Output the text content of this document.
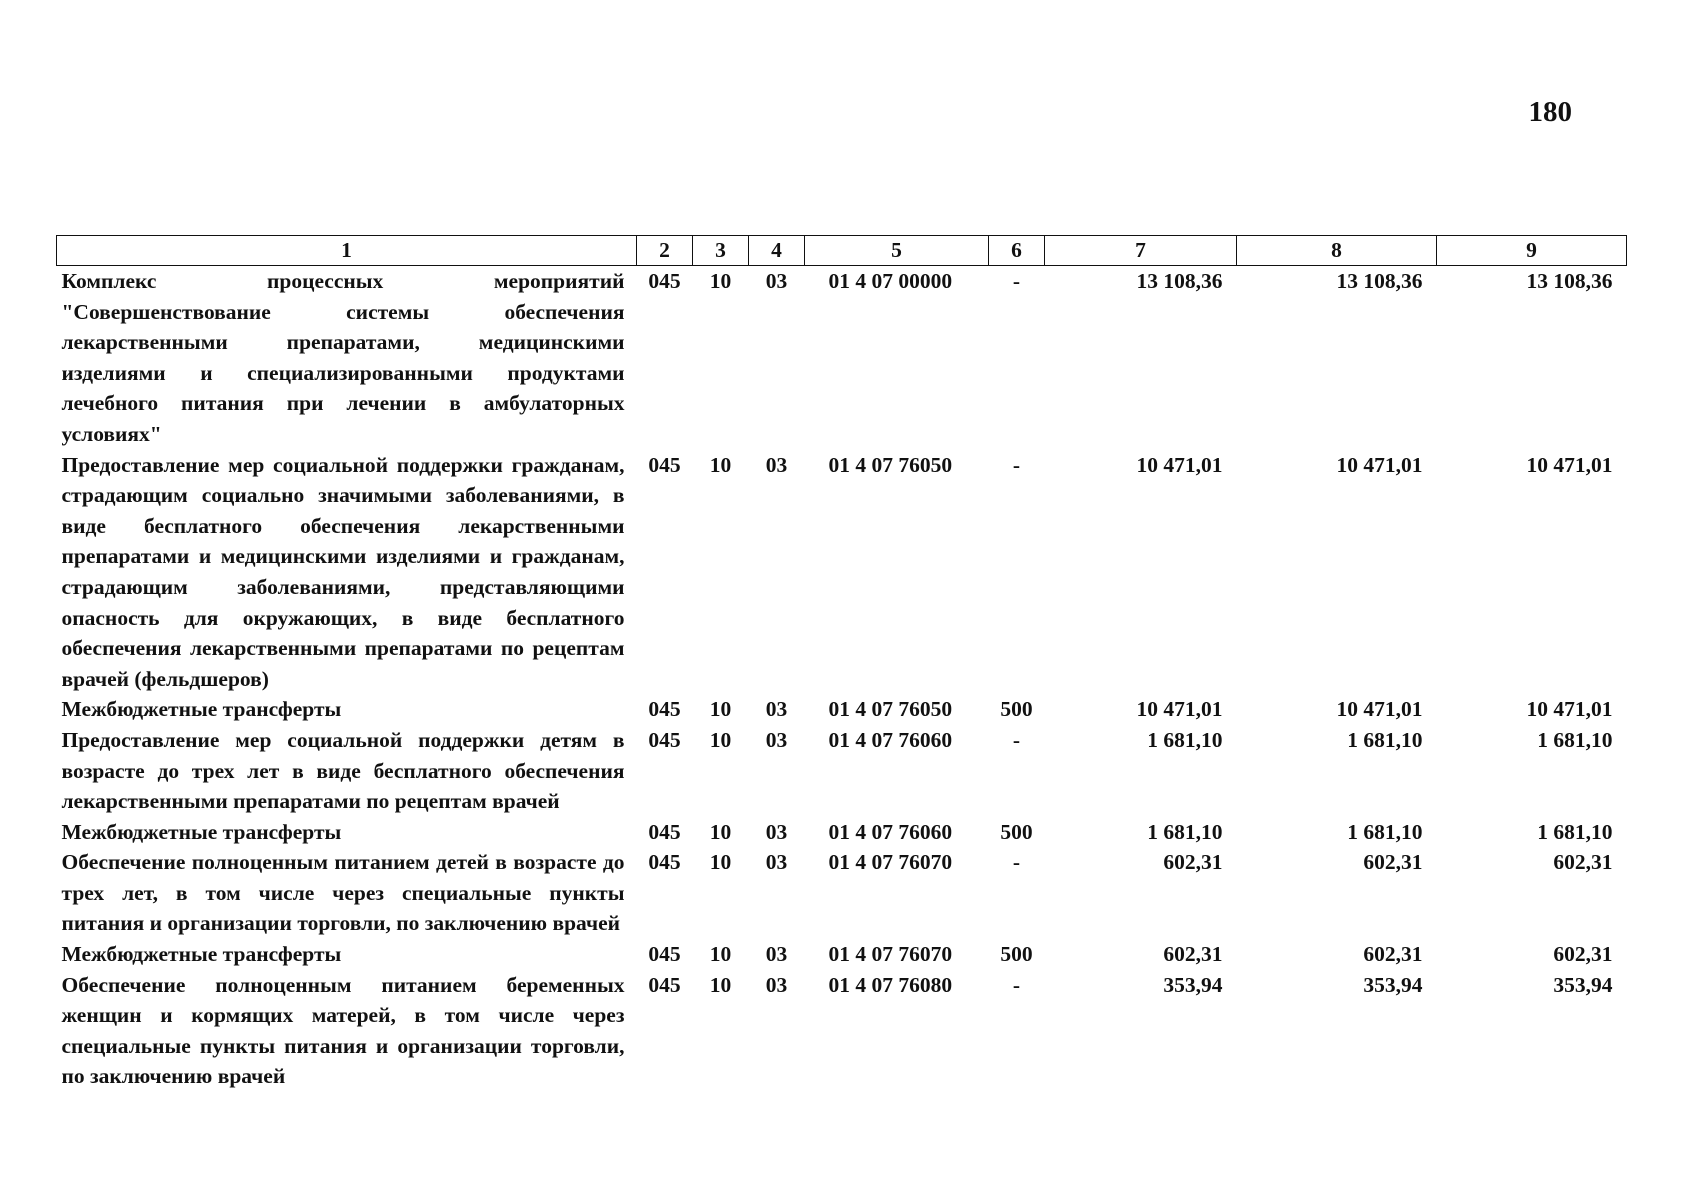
180
1	2	3	4	5	6	7	8	9
Комплекс процессных мероприятий "Совершенствование системы обеспечения лекарственными препаратами, медицинскими изделиями и специализированными продуктами лечебного питания при лечении в амбулаторных условиях"	045	10	03	01 4 07 00000	-	13 108,36	13 108,36	13 108,36
Предоставление мер социальной поддержки гражданам, страдающим социально значимыми заболеваниями, в виде бесплатного обеспечения лекарственными препаратами и медицинскими изделиями и гражданам, страдающим заболеваниями, представляющими опасность для окружающих, в виде бесплатного обеспечения лекарственными препаратами по рецептам врачей (фельдшеров)	045	10	03	01 4 07 76050	-	10 471,01	10 471,01	10 471,01
Межбюджетные трансферты	045	10	03	01 4 07 76050	500	10 471,01	10 471,01	10 471,01
Предоставление мер социальной поддержки детям в возрасте до трех лет в виде бесплатного обеспечения лекарственными препаратами по рецептам врачей	045	10	03	01 4 07 76060	-	1 681,10	1 681,10	1 681,10
Межбюджетные трансферты	045	10	03	01 4 07 76060	500	1 681,10	1 681,10	1 681,10
Обеспечение полноценным питанием детей в возрасте до трех лет, в том числе через специальные пункты питания и организации торговли, по заключению врачей	045	10	03	01 4 07 76070	-	602,31	602,31	602,31
Межбюджетные трансферты	045	10	03	01 4 07 76070	500	602,31	602,31	602,31
Обеспечение полноценным питанием беременных женщин и кормящих матерей, в том числе через специальные пункты питания и организации торговли, по заключению врачей	045	10	03	01 4 07 76080	-	353,94	353,94	353,94
